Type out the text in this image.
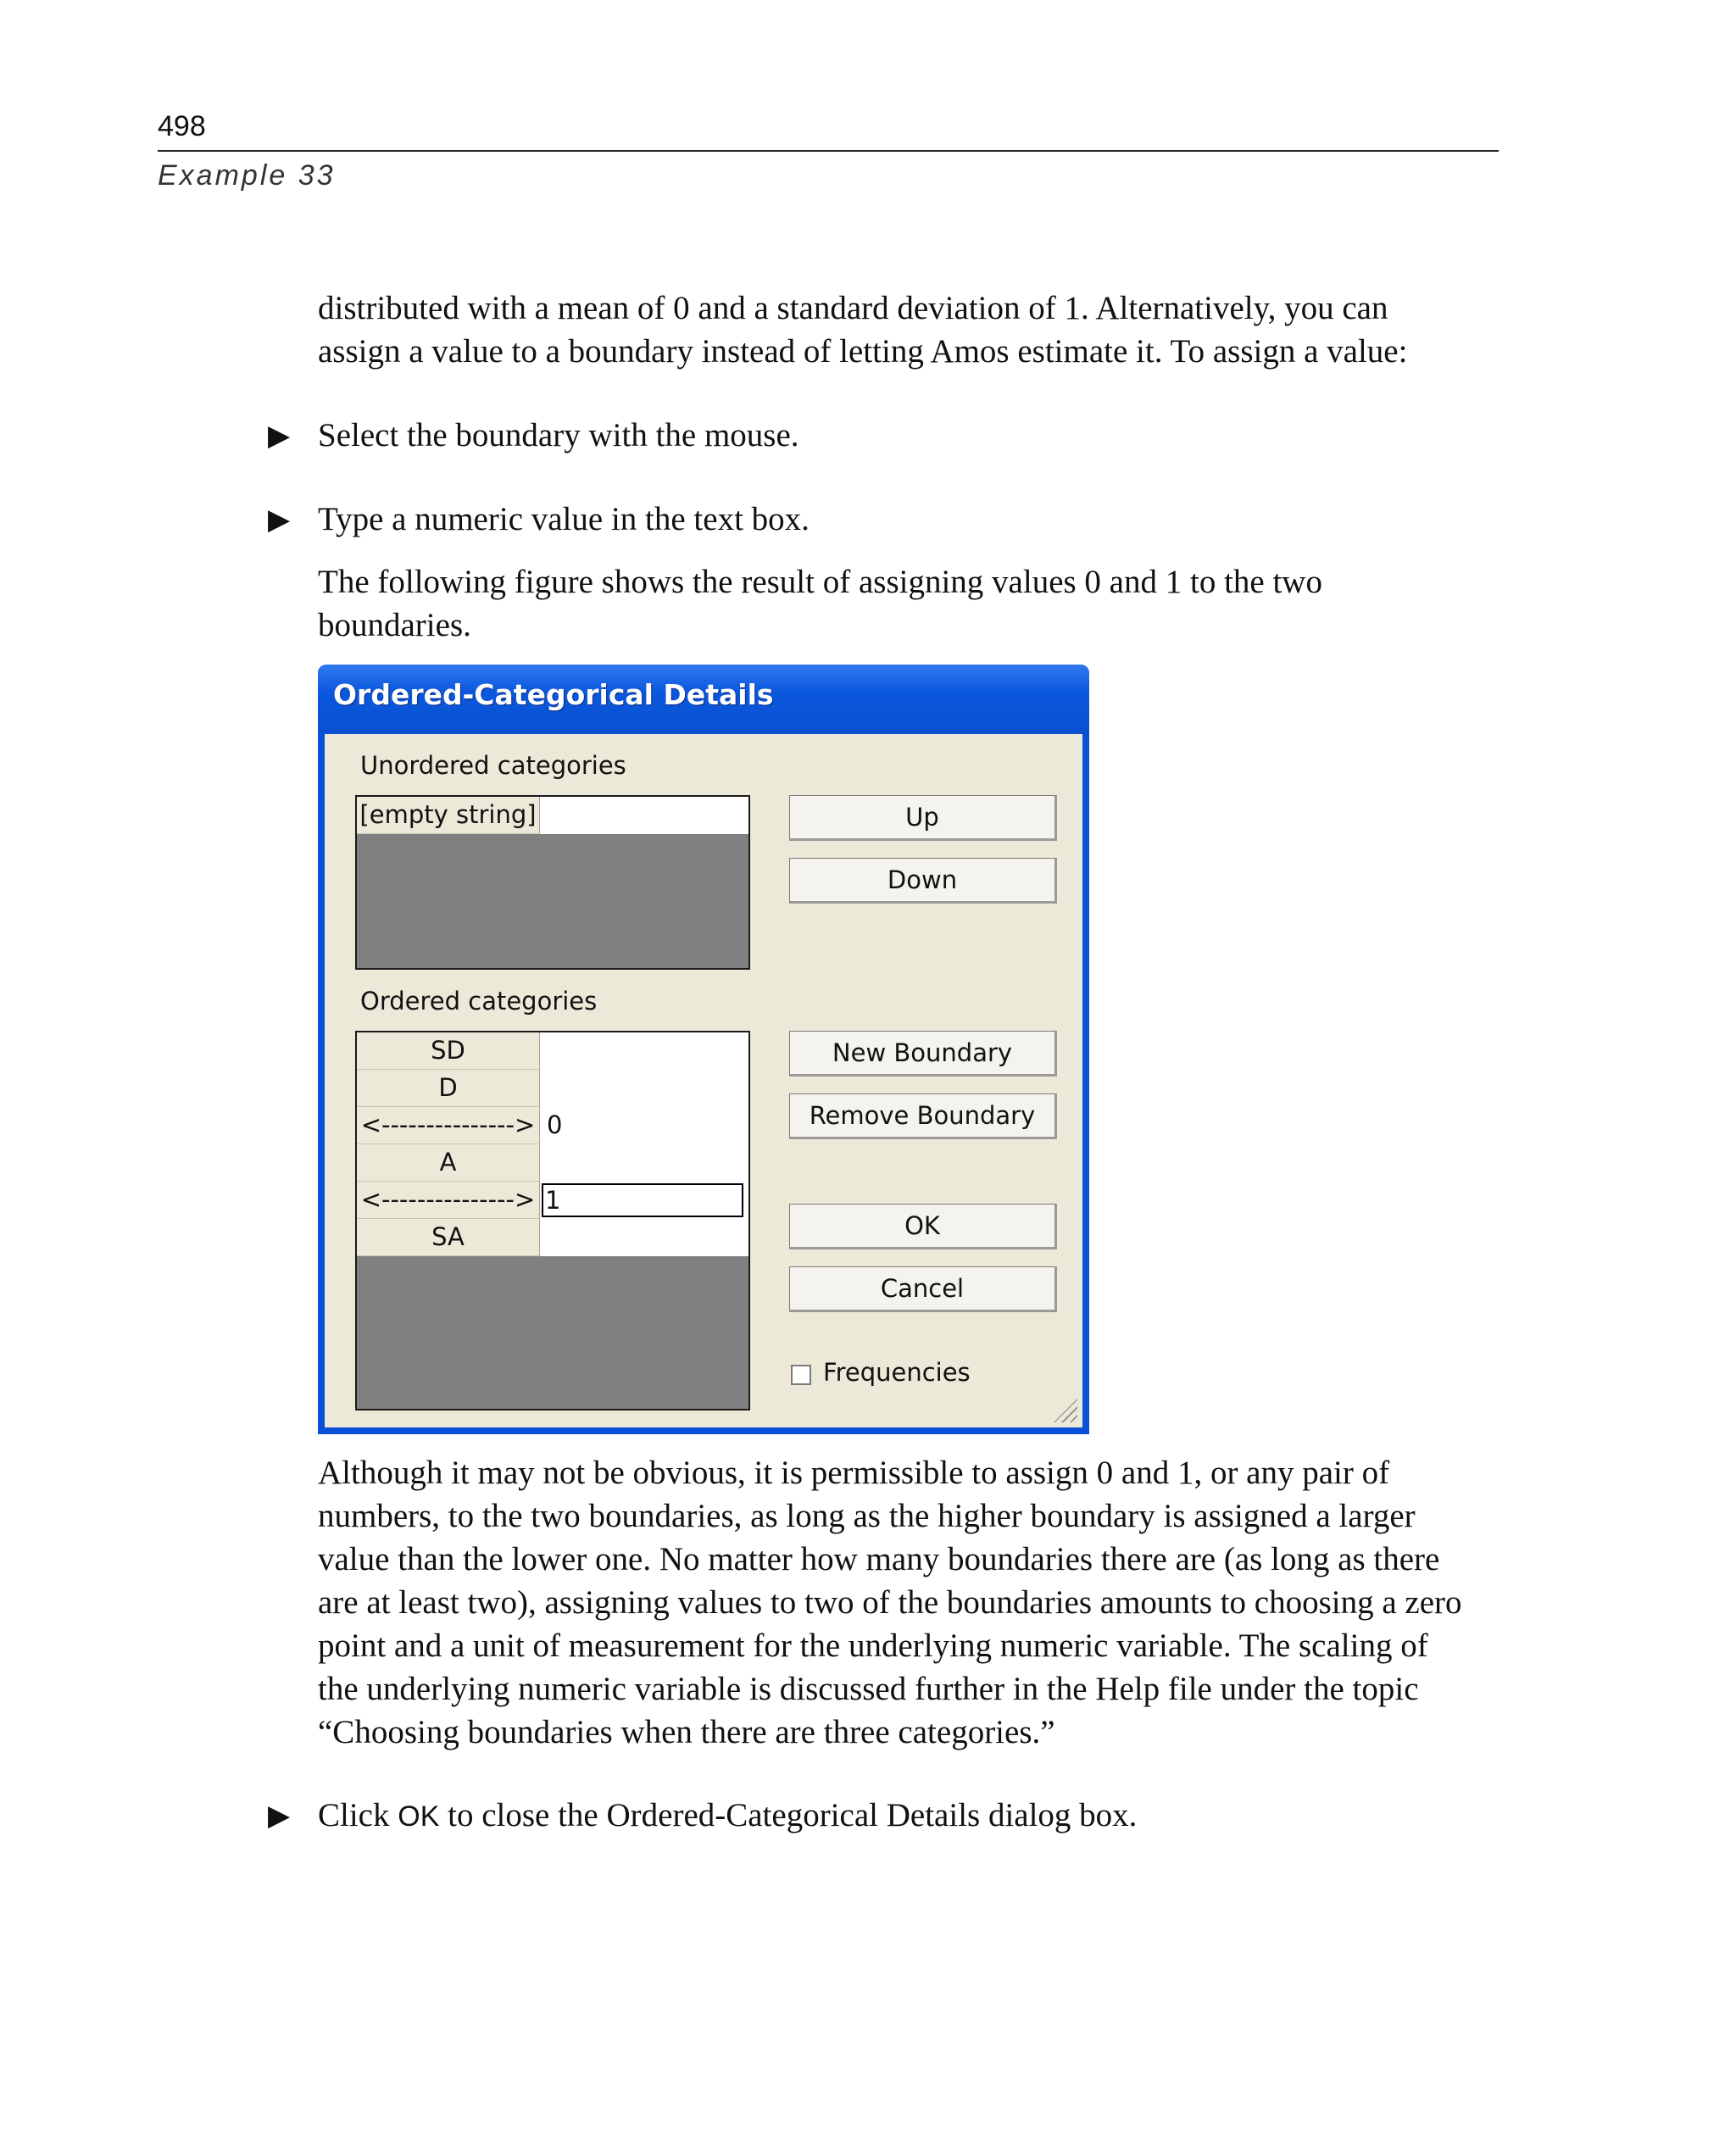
498
Example 33
distributed with a mean of 0 and a standard deviation of 1. Alternatively, you can
assign a value to a boundary instead of letting Amos estimate it. To assign a value:
▶ Select the boundary with the mouse.
▶ Type a numeric value in the text box.
The following figure shows the result of assigning values 0 and 1 to the two
boundaries.
Ordered-Categorical Details
Unordered categories
[empty string]
Ordered categories
SD
D
<---------------> 0
A
<---------------> 1
SA
Up
Down
New Boundary
Remove Boundary
OK
Cancel
Frequencies
Although it may not be obvious, it is permissible to assign 0 and 1, or any pair of
numbers, to the two boundaries, as long as the higher boundary is assigned a larger
value than the lower one. No matter how many boundaries there are (as long as there
are at least two), assigning values to two of the boundaries amounts to choosing a zero
point and a unit of measurement for the underlying numeric variable. The scaling of
the underlying numeric variable is discussed further in the Help file under the topic
“Choosing boundaries when there are three categories.”
▶ Click OK to close the Ordered-Categorical Details dialog box.
